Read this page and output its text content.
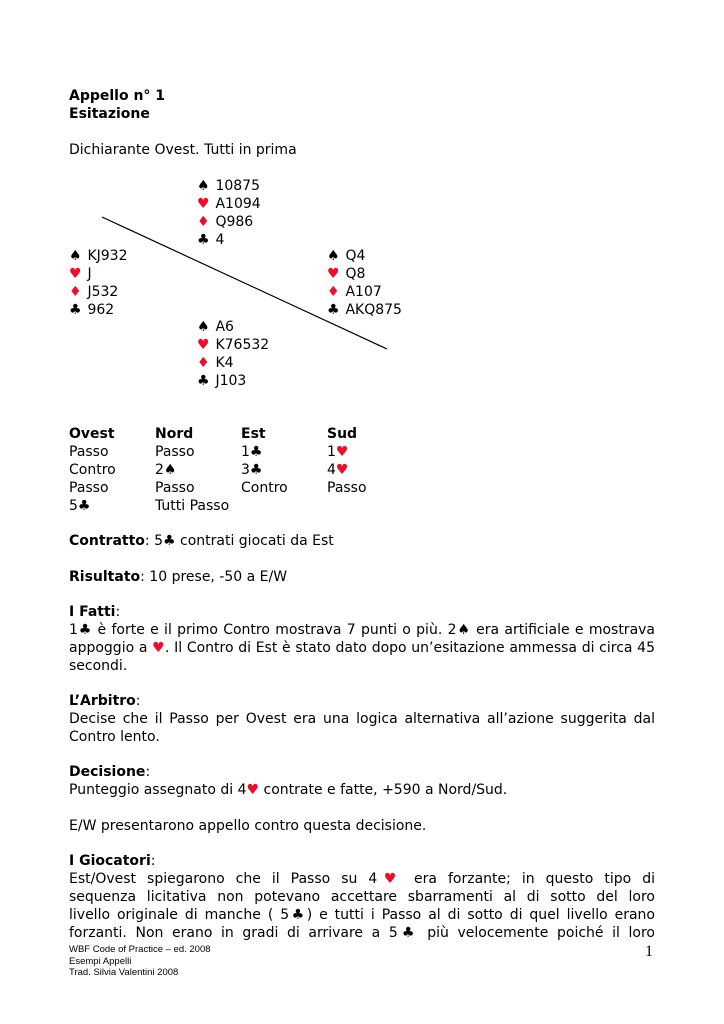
Appello n° 1
Esitazione
Dichiarante Ovest. Tutti in prima
♠ 10875
♥ A1094
♦ Q986
♣ 4
♠ KJ932
♥ J
♦ J532
♣ 962
♠ Q4
♥ Q8
♦ A107
♣ AKQ875
♠ A6
♥ K76532
♦ K4
♣ J103
Ovest	Nord	Est	Sud
Passo	Passo	1♣	1♥
Contro	2♠	3♣	4♥
Passo	Passo	Contro	Passo
5♣	Tutti Passo
Contratto: 5♣ contrati giocati da Est
Risultato: 10 prese, -50 a E/W

I Fatti:

1♣ è forte e il primo Contro mostrava 7 punti o più. 2♠ era artificiale e mostrava appoggio a ♥. Il Contro di Est è stato dato dopo un’esitazione ammessa di circa 45 secondi.

L’Arbitro:

Decise che il Passo per Ovest era una logica alternativa all’azione suggerita dal Contro lento.

Decisione:

Punteggio assegnato di 4♥ contrate e fatte, +590 a Nord/Sud.

E/W presentarono appello contro questa decisione.

I Giocatori:

Est/Ovest spiegarono che il Passo su 4♥ era forzante; in questo tipo di

sequenza licitativa non potevano accettare sbarramenti al di sotto del loro

livello originale di manche ( 5♣) e tutti i Passo al di sotto di quel livello erano

forzanti. Non erano in gradi di arrivare a 5♣ più velocemente poiché il loro

WBF Code of Practice – ed. 2008
Esempi Appelli
Trad. Silvia Valentini 2008
1
